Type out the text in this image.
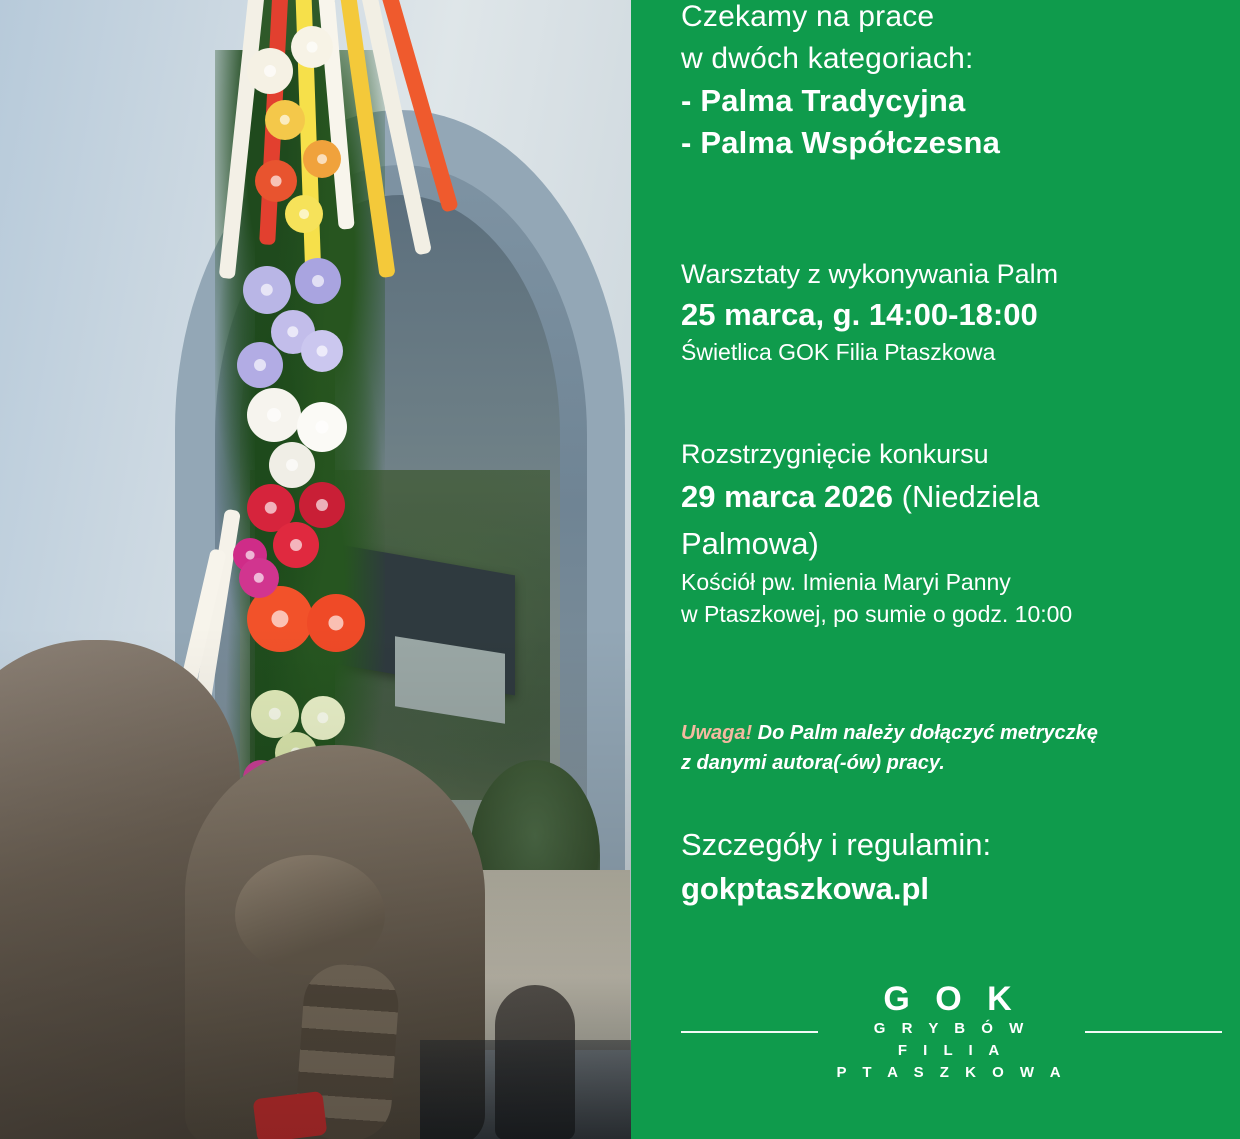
Czekamy na prace
w dwóch kategoriach:
- Palma Tradycyjna
- Palma Współczesna
Warsztaty z wykonywania Palm
25 marca, g. 14:00-18:00
Świetlica GOK Filia Ptaszkowa
Rozstrzygnięcie konkursu
29 marca 2026 (Niedziela
Palmowa)
Kościół pw. Imienia Maryi Panny
w Ptaszkowej, po sumie o godz. 10:00
Uwaga! Do Palm należy dołączyć metryczkę
z danymi autora(-ów) pracy.
Szczegóły i regulamin:
gokptaszkowa.pl
G O K
G R Y B Ó W
F I L I A
P T A S Z K O W A
